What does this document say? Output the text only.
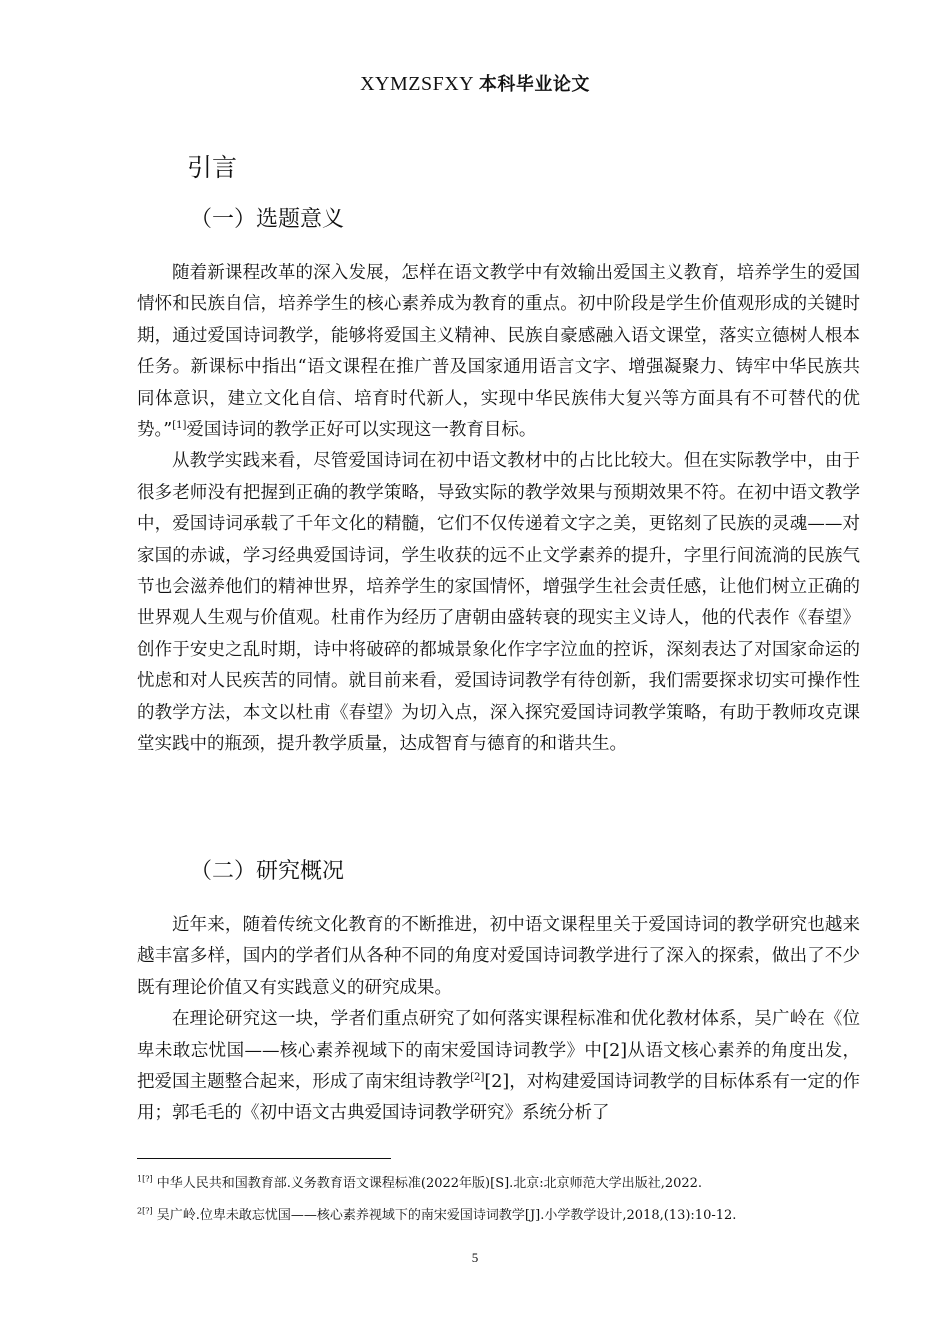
XYMZSFXY 本科毕业论文
引言
（一）选题意义

随着新课程改革的深入发展，怎样在语文教学中有效输出爱国主义教育，培养学生的爱国情怀和民族自信，培养学生的核心素养成为教育的重点。初中阶段是学生价值观形成的关键时期，通过爱国诗词教学，能够将爱国主义精神、民族自豪感融入语文课堂，落实立德树人根本任务。新课标中指出“语文课程在推广普及国家通用语言文字、增强凝聚力、铸牢中华民族共同体意识，建立文化自信、培育时代新人，实现中华民族伟大复兴等方面具有不可替代的优势。”[1]爱国诗词的教学正好可以实现这一教育目标。

从教学实践来看，尽管爱国诗词在初中语文教材中的占比比较大。但在实际教学中，由于很多老师没有把握到正确的教学策略，导致实际的教学效果与预期效果不符。在初中语文教学中，爱国诗词承载了千年文化的精髓，它们不仅传递着文字之美，更铭刻了民族的灵魂——对家国的赤诚，学习经典爱国诗词，学生收获的远不止文学素养的提升，字里行间流淌的民族气节也会滋养他们的精神世界，培养学生的家国情怀，增强学生社会责任感，让他们树立正确的世界观人生观与价值观。杜甫作为经历了唐朝由盛转衰的现实主义诗人，他的代表作《春望》创作于安史之乱时期，诗中将破碎的都城景象化作字字泣血的控诉，深刻表达了对国家命运的忧虑和对人民疾苦的同情。就目前来看，爱国诗词教学有待创新，我们需要探求切实可操作性的教学方法，本文以杜甫《春望》为切入点，深入探究爱国诗词教学策略，有助于教师攻克课堂实践中的瓶颈，提升教学质量，达成智育与德育的和谐共生。

（二）研究概况

近年来，随着传统文化教育的不断推进，初中语文课程里关于爱国诗词的教学研究也越来越丰富多样，国内的学者们从各种不同的角度对爱国诗词教学进行了深入的探索，做出了不少既有理论价值又有实践意义的研究成果。

在理论研究这一块，学者们重点研究了如何落实课程标准和优化教材体系，吴广岭在《位卑未敢忘忧国——核心素养视域下的南宋爱国诗词教学》中[2]从语文核心素养的角度出发，把爱国主题整合起来，形成了南宋组诗教学[2][2]，对构建爱国诗词教学的目标体系有一定的作用；郭毛毛的《初中语文古典爱国诗词教学研究》系统分析了

$^{1[?]}$ 中华人民共和国教育部.义务教育语文课程标准(2022年版)[S].北京:北京师范大学出版社,2022.
$^{2[?]}$ 吴广岭.位卑未敢忘忧国——核心素养视域下的南宋爱国诗词教学[J].小学教学设计,2018,(13):10-12.
5
